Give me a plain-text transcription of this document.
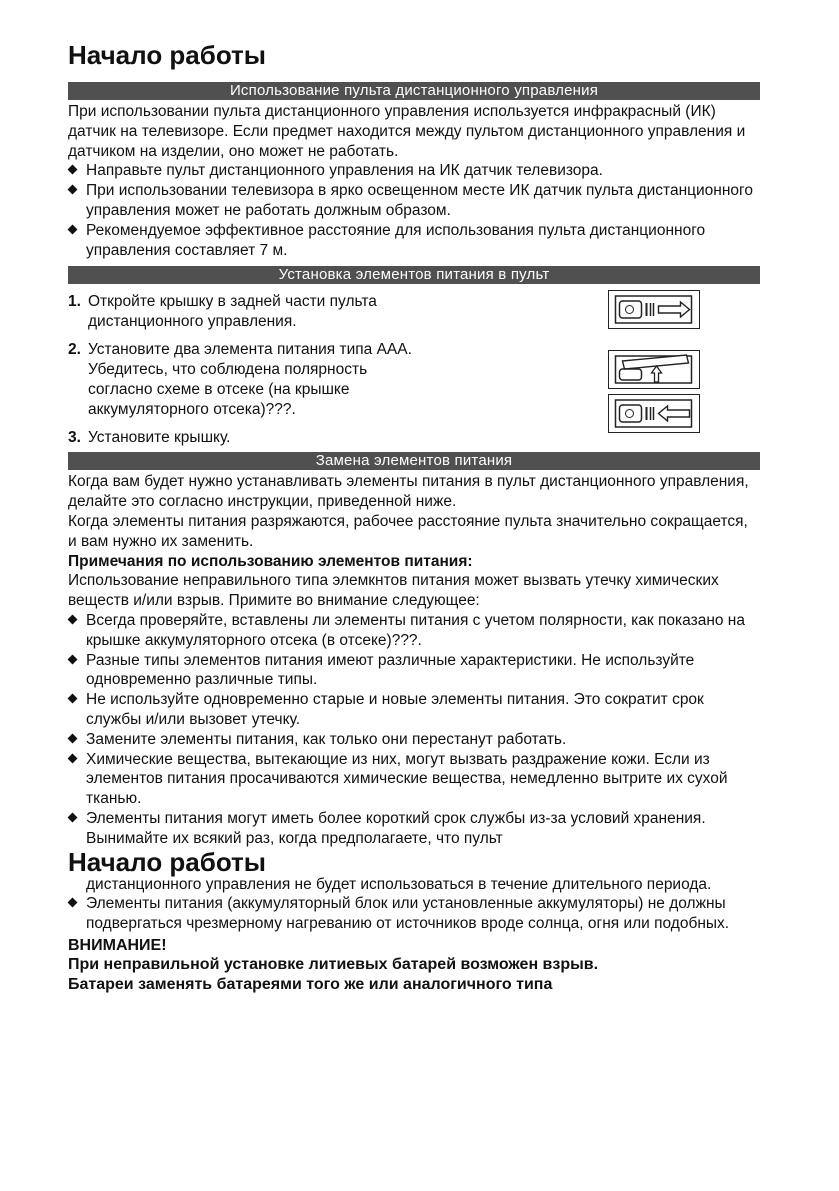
Начало работы
Использование пульта дистанционного управления

При использовании пульта дистанционного управления используется инфракрасный (ИК) датчик на телевизоре. Если предмет находится между пультом дистанционного управления и датчиком на изделии, оно может не работать.

Направьте пульт дистанционного управления на ИК датчик телевизора.
При использовании телевизора в ярко освещенном месте ИК датчик пульта дистанционного управления может не работать должным образом.
Рекомендуемое эффективное расстояние для использования пульта дистанционного управления составляет 7 м.
Установка элементов питания в пульт
1. Откройте крышку в задней части пульта
дистанционного управления.
2. Установите два элемента питания типа AAA.
Убедитесь, что соблюдена полярность
согласно схеме в отсеке (на крышке
аккумуляторного отсека)???.
3. Установите крышку.
Замена элементов питания

Когда вам будет нужно устанавливать элементы питания в пульт дистанционного управления, делайте это согласно инструкции, приведенной ниже.

Когда элементы питания разряжаются, рабочее расстояние пульта значительно сокращается, и вам нужно их заменить.

Примечания по использованию элементов питания:

Использование неправильного типа элемкнтов питания может вызвать утечку химических веществ и/или взрыв. Примите во внимание следующее:

Всегда проверяйте, вставлены ли элементы питания с учетом полярности, как показано на крышке аккумуляторного отсека (в отсеке)???.
Разные типы элементов питания имеют различные характеристики. Не используйте одновременно различные типы.
Не используйте одновременно старые и новые элементы питания. Это сократит срок службы и/или вызовет утечку.
Замените элементы питания, как только они перестанут работать.
Химические вещества, вытекающие из них, могут вызвать раздражение кожи. Если из элементов питания просачиваются химические вещества, немедленно вытрите их сухой тканью.
Элементы питания могут иметь более короткий срок службы из-за условий хранения. Вынимайте их всякий раз, когда предполагаете, что пульт
Начало работы
дистанционного управления не будет использоваться в течение длительного периода.
Элементы питания (аккумуляторный блок или установленные аккумуляторы) не должны подвергаться чрезмерному нагреванию от источников вроде солнца, огня или подобных.

ВНИМАНИЕ!

При неправильной установке литиевых батарей возможен взрыв.

Батареи заменять батареями того же или аналогичного типа
